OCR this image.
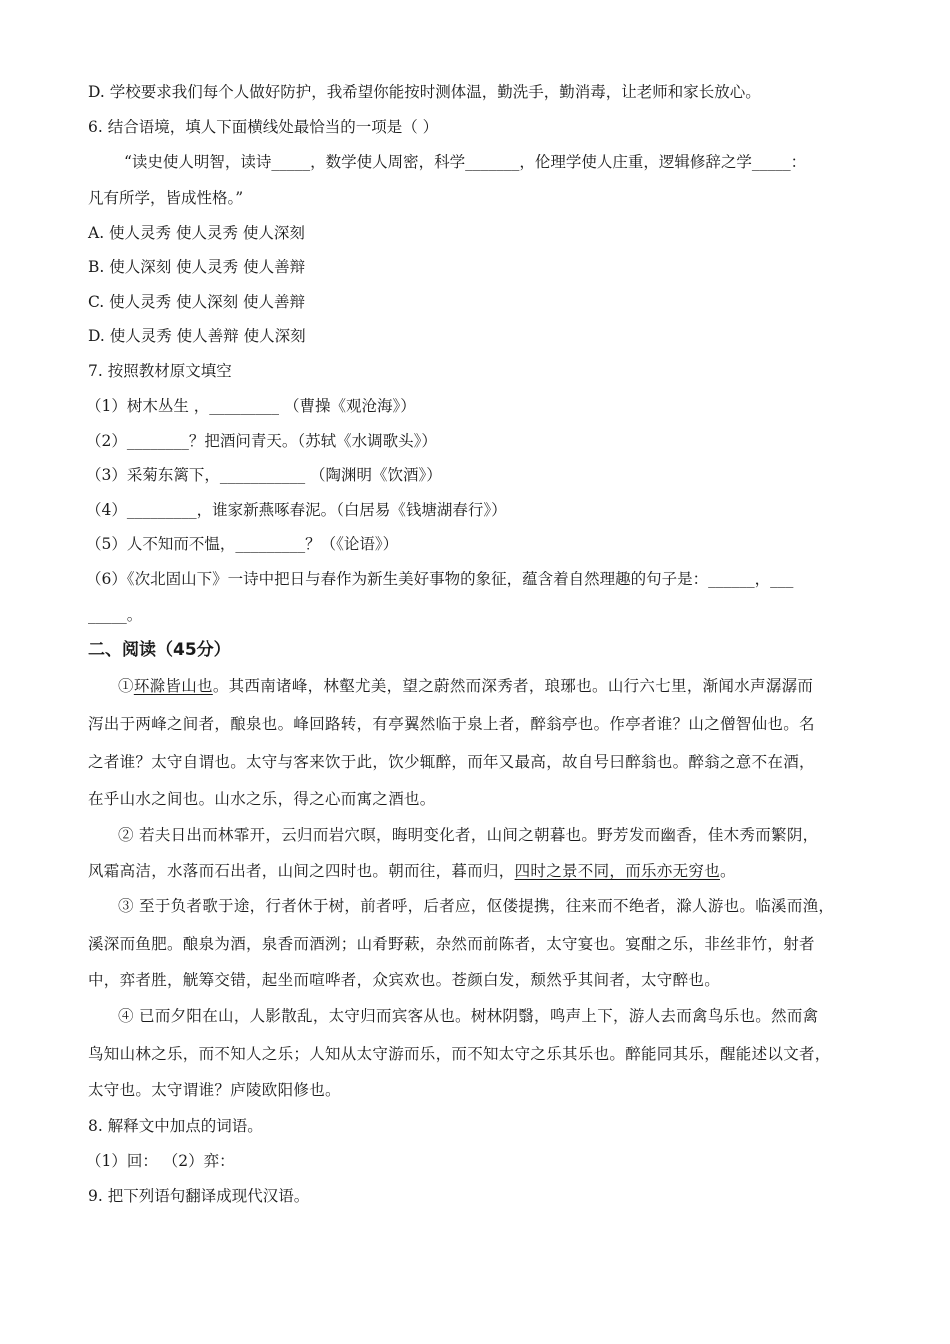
D. 学校要求我们每个人做好防护，我希望你能按时测体温，勤洗手，勤消毒，让老师和家长放心。
6. 结合语境，填人下面横线处最恰当的一项是（ ）
“读史使人明智，读诗_____，数学使人周密，科学_______，伦理学使人庄重，逻辑修辞之学_____：
凡有所学，皆成性格。”
A. 使人灵秀 使人灵秀 使人深刻
B. 使人深刻 使人灵秀 使人善辩
C. 使人灵秀 使人深刻 使人善辩
D. 使人灵秀 使人善辩 使人深刻
7. 按照教材原文填空
（1）树木丛生 ，_________ （曹操《观沧海》）
（2）________？把酒问青天。（苏轼《水调歌头》）
（3）采菊东篱下，___________ （陶渊明《饮酒》）
（4）_________，谁家新燕啄春泥。（白居易《钱塘湖春行》）
（5）人不知而不愠，_________？（《论语》）
（6）《次北固山下》一诗中把日与春作为新生美好事物的象征，蕴含着自然理趣的句子是：______，___
_____。
二、阅读（45分）
①环滁皆山也。其西南诸峰，林壑尤美，望之蔚然而深秀者，琅琊也。山行六七里，渐闻水声潺潺而
泻出于两峰之间者，酿泉也。峰回路转，有亭翼然临于泉上者，醉翁亭也。作亭者谁？山之僧智仙也。名
之者谁？太守自谓也。太守与客来饮于此，饮少辄醉，而年又最高，故自号曰醉翁也。醉翁之意不在酒，
在乎山水之间也。山水之乐，得之心而寓之酒也。
② 若夫日出而林霏开，云归而岩穴暝，晦明变化者，山间之朝暮也。野芳发而幽香，佳木秀而繁阴，
风霜高洁，水落而石出者，山间之四时也。朝而往，暮而归，四时之景不同，而乐亦无穷也。
③ 至于负者歌于途，行者休于树，前者呼，后者应，伛偻提携，往来而不绝者，滁人游也。临溪而渔，
溪深而鱼肥。酿泉为酒，泉香而酒洌；山肴野蔌，杂然而前陈者，太守宴也。宴酣之乐，非丝非竹，射者
中，弈者胜，觥筹交错，起坐而喧哗者，众宾欢也。苍颜白发，颓然乎其间者，太守醉也。
④ 已而夕阳在山，人影散乱，太守归而宾客从也。树林阴翳，鸣声上下，游人去而禽鸟乐也。然而禽
鸟知山林之乐，而不知人之乐；人知从太守游而乐，而不知太守之乐其乐也。醉能同其乐，醒能述以文者，
太守也。太守谓谁？庐陵欧阳修也。
8. 解释文中加点的词语。
（1）回： （2）弈：
9. 把下列语句翻译成现代汉语。
